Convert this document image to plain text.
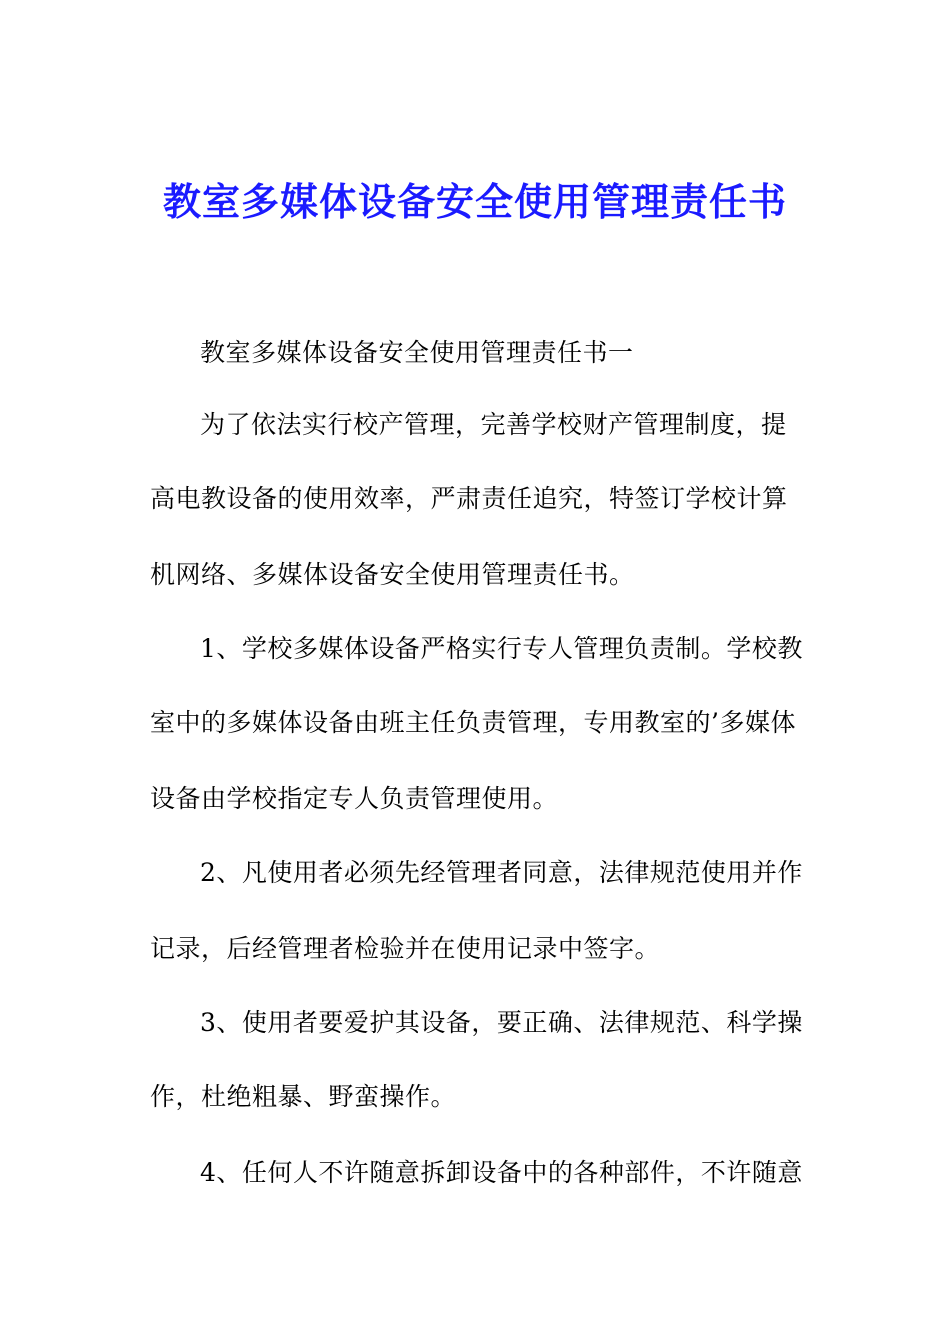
教室多媒体设备安全使用管理责任书
教室多媒体设备安全使用管理责任书一
为了依法实行校产管理，完善学校财产管理制度，提
高电教设备的使用效率，严肃责任追究，特签订学校计算
机网络、多媒体设备安全使用管理责任书。
1、学校多媒体设备严格实行专人管理负责制。学校教
室中的多媒体设备由班主任负责管理，专用教室的’多媒体
设备由学校指定专人负责管理使用。
2、凡使用者必须先经管理者同意，法律规范使用并作
记录，后经管理者检验并在使用记录中签字。
3、使用者要爱护其设备，要正确、法律规范、科学操
作，杜绝粗暴、野蛮操作。
4、任何人不许随意拆卸设备中的各种部件，不许随意
